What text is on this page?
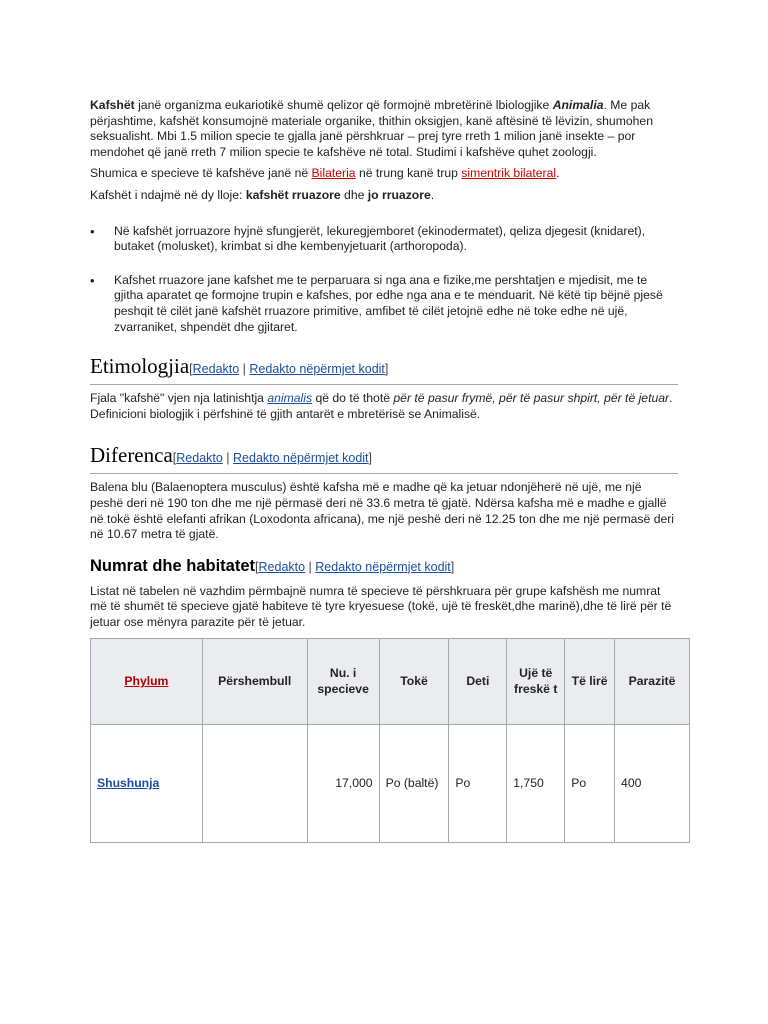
Kafshët janë organizma eukariotikë shumë qelizor që formojnë mbretërinë lbiologjike Animalia. Me pak përjashtime, kafshët konsumojnë materiale organike, thithin oksigjen, kanë aftësinë të lëvizin, shumohen seksualisht. Mbi 1.5 milion specie te gjalla janë përshkruar – prej tyre rreth 1 milion janë insekte – por mendohet që janë rreth 7 milion specie te kafshëve në total. Studimi i kafshëve quhet zoologji.

Shumica e specieve të kafshëve janë në Bilateria në trung kanë trup simentrik bilateral.

Kafshët i ndajmë në dy lloje: kafshët rruazore dhe jo rruazore.

• Në kafshët jorruazore hyjnë sfungjerët, lekuregjemboret (ekinodermatet), qeliza djegesit (knidaret), butaket (molusket), krimbat si dhe kembenyjetuarit (arthoropoda).
• Kafshet rruazore jane kafshet me te perparuara si nga ana e fizike,me pershtatjen e mjedisit, me te gjitha aparatet qe formojne trupin e kafshes, por edhe nga ana e te menduarit. Në këtë tip bëjnë pjesë peshqit të cilët janë kafshët rruazore primitive, amfibet të cilët jetojnë edhe në toke edhe në ujë, zvarraniket, shpendët dhe gjitaret.
Etimologjia[Redakto | Redakto nëpërmjet kodit]

Fjala "kafshë" vjen nja latinishtja animalis që do të thotë për të pasur frymë, për të pasur shpirt, për të jetuar. Definicioni biologjik i përfshinë të gjith antarët e mbretërisë se Animalisë.

Diferenca[Redakto | Redakto nëpërmjet kodit]

Balena blu (Balaenoptera musculus) është kafsha më e madhe që ka jetuar ndonjëherë në ujë, me një peshë deri në 190 ton dhe me një përmasë deri në 33.6 metra të gjatë. Ndërsa kafsha më e madhe e gjallë në tokë është elefanti afrikan (Loxodonta africana), me një peshë deri në 12.25 ton dhe me një permasë deri në 10.67 metra të gjatë.

Numrat dhe habitatet[Redakto | Redakto nëpërmjet kodit]

Listat në tabelen në vazhdim përmbajnë numra të specieve të përshkruara për grupe kafshësh me numrat më të shumët të specieve gjatë habiteve të tyre kryesuese (tokë, ujë të freskët,dhe marinë),dhe të lirë për të jetuar ose mënyra parazite për të jetuar.

Phylum	Përshembull	Nu. i specieve	Tokë	Deti	Ujë të freskë t	Të lirë	Parazitë
Shushunja		17,000	Po (baltë)	Po	1,750	Po	400
